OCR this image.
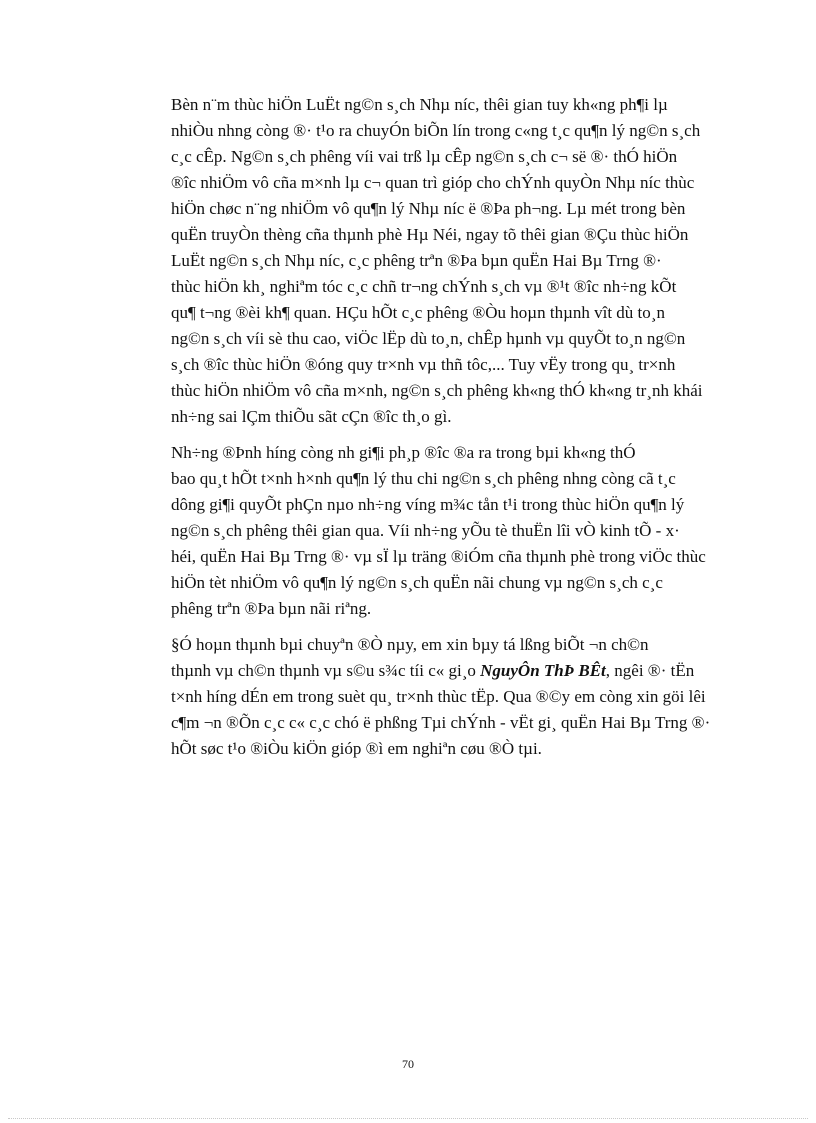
Bèn n¨m thùc hiÖn LuËt ng©n s¸ch Nhµ níc, thêi gian tuy kh«ng ph¶i lµ
nhiÒu nhng còng ®· t¹o ra chuyÓn biÕn lín trong c«ng t¸c qu¶n lý ng©n s¸ch
c¸c cÊp. Ng©n s¸ch phêng víi vai trß lµ cÊp ng©n s¸ch c¬ së ®· thÓ hiÖn
®îc nhiÖm vô cña m×nh lµ c¬ quan trì gióp cho chÝnh quyÒn Nhµ níc thùc
hiÖn chøc n¨ng nhiÖm vô qu¶n lý Nhµ níc ë ®Þa ph¬ng. Lµ mét trong bèn
quËn truyÒn thèng cña thµnh phè Hµ Néi, ngay tõ thêi gian ®Çu thùc hiÖn
LuËt ng©n s¸ch Nhµ níc, c¸c phêng trªn ®Þa bµn quËn Hai Bµ Trng ®·
thùc hiÖn kh¸ nghiªm tóc c¸c chñ tr¬ng chÝnh s¸ch vµ ®¹t ®îc nh÷ng kÕt
qu¶ t¬ng ®èi kh¶ quan. HÇu hÕt c¸c phêng ®Òu hoµn thµnh vît dù to¸n
ng©n s¸ch víi sè thu cao, viÖc lËp dù to¸n, chÊp hµnh vµ quyÕt to¸n ng©n
s¸ch ®îc thùc hiÖn ®óng quy tr×nh vµ thñ tôc,... Tuy vËy trong qu¸ tr×nh
thùc hiÖn nhiÖm vô cña m×nh, ng©n s¸ch phêng kh«ng thÓ kh«ng tr¸nh khái
nh÷ng sai lÇm thiÕu sãt cÇn ®îc th¸o gì.

Nh÷ng ®Þnh híng còng nh gi¶i ph¸p ®îc ®a ra trong bµi kh«ng thÓ
bao qu¸t hÕt t×nh h×nh qu¶n lý thu chi ng©n s¸ch phêng nhng còng cã t¸c
dông gi¶i quyÕt phÇn nµo nh÷ng víng m¾c tån t¹i trong thùc hiÖn qu¶n lý
ng©n s¸ch phêng thêi gian qua. Víi nh÷ng yÕu tè thuËn lîi vÒ kinh tÕ - x·
héi, quËn Hai Bµ Trng ®· vµ sÏ lµ träng ®iÓm cña thµnh phè trong viÖc thùc
hiÖn tèt nhiÖm vô qu¶n lý ng©n s¸ch quËn nãi chung vµ ng©n s¸ch c¸c
phêng trªn ®Þa bµn nãi riªng.

§Ó hoµn thµnh bµi chuyªn ®Ò nµy, em xin bµy tá lßng biÕt ¬n ch©n
thµnh vµ ch©n thµnh vµ s©u s¾c tíi c« gi¸o NguyÔn ThÞ BÊt, ngêi ®· tËn
t×nh híng dÉn em trong suèt qu¸ tr×nh thùc tËp. Qua ®©y em còng xin göi lêi
c¶m ¬n ®Õn c¸c c« c¸c chó ë phßng Tµi chÝnh - vËt gi¸ quËn Hai Bµ Trng ®·
hÕt søc t¹o ®iÒu kiÖn gióp ®ì em nghiªn cøu ®Ò tµi.

70
